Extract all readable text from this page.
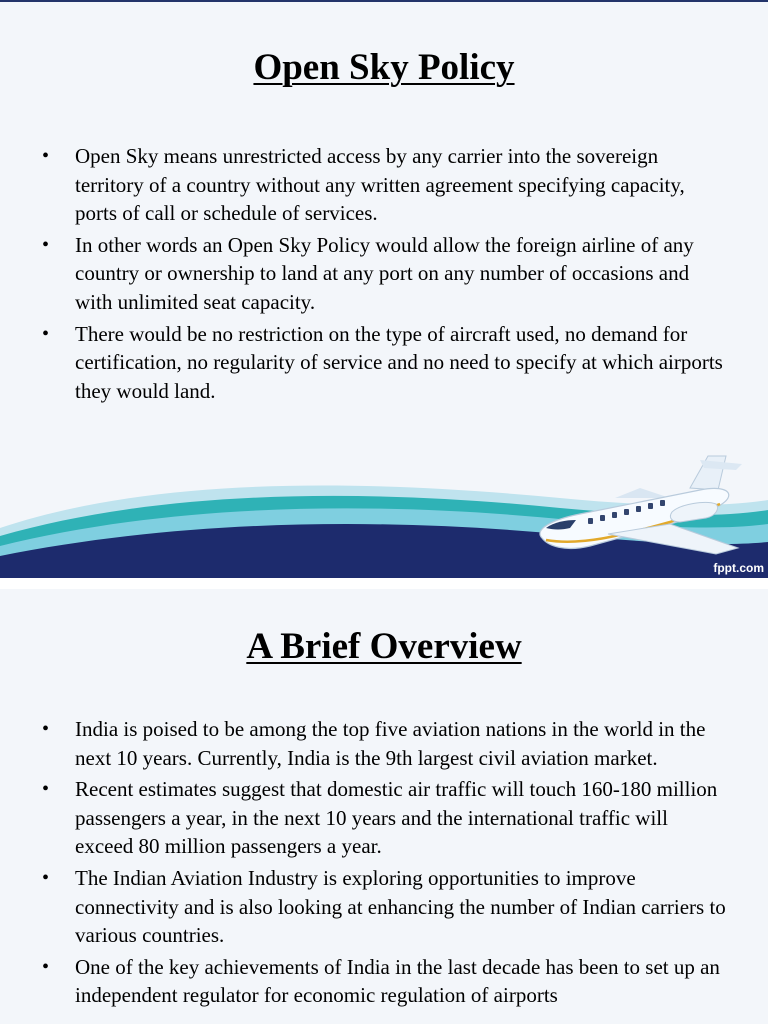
Open Sky Policy
• Open Sky means unrestricted access by any carrier into the sovereign territory of a country without any written agreement specifying capacity, ports of call or schedule of services.
• In other words an Open Sky Policy would allow the foreign airline of any country or ownership to land at any port on any number of occasions and with unlimited seat capacity.
• There would be no restriction on the type of aircraft used, no demand for certification, no regularity of service and no need to specify at which airports they would land.
fppt.com
A Brief Overview
• India is poised to be among the top five aviation nations in the world in the next 10 years. Currently, India is the 9th largest civil aviation market.
• Recent estimates suggest that domestic air traffic will touch 160-180 million passengers a year, in the next 10 years and the international traffic will exceed 80 million passengers a year.
• The Indian Aviation Industry is exploring opportunities to improve connectivity and is also looking at enhancing the number of Indian carriers to various countries.
• One of the key achievements of India in the last decade has been to set up an independent regulator for economic regulation of airports
